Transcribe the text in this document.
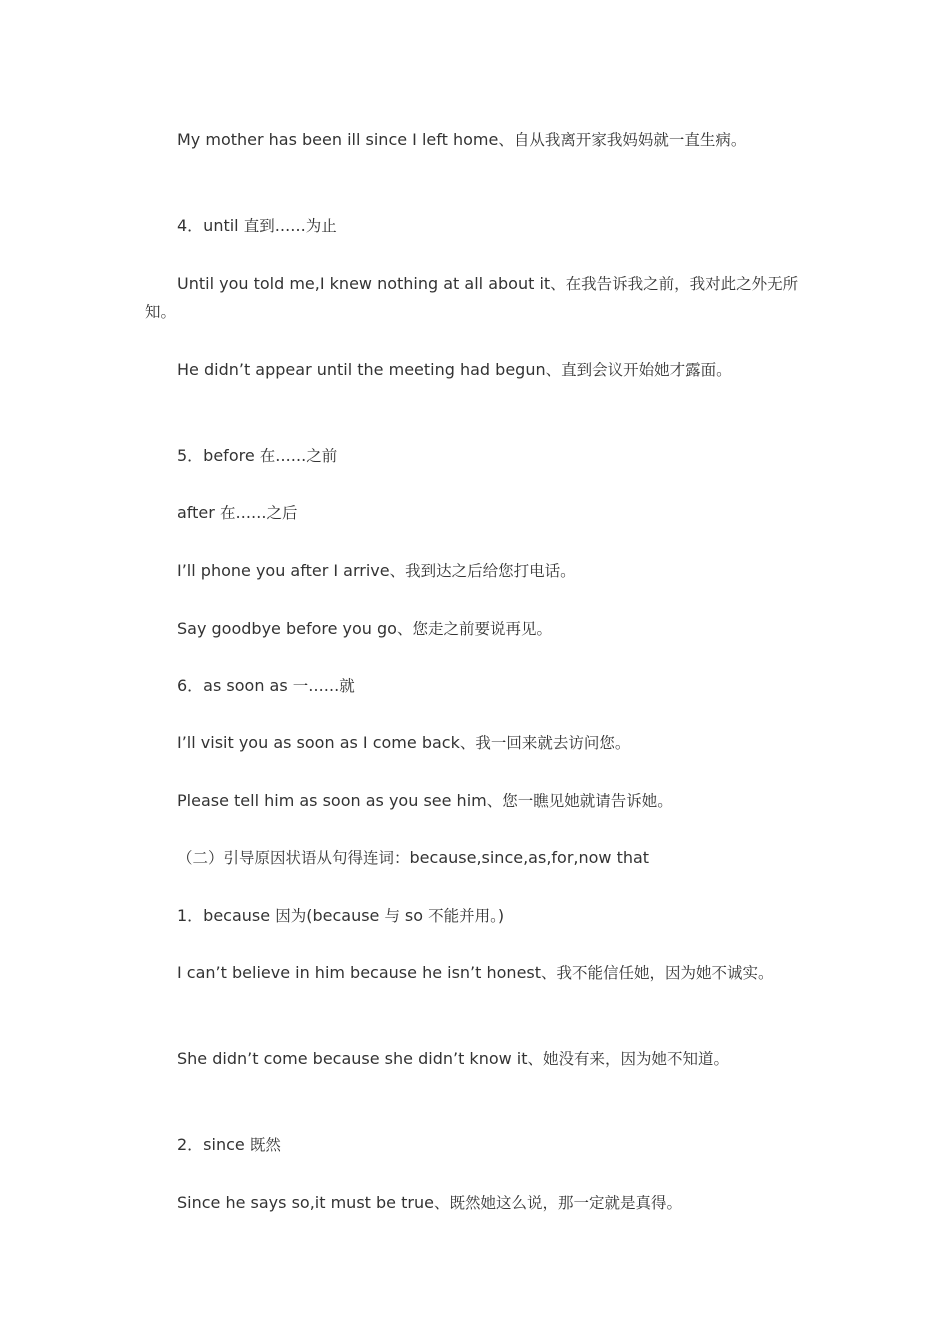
My mother has been ill since I left home、自从我离开家我妈妈就一直生病。
4．until 直到……为止
Until you told me,I knew nothing at all about it、在我告诉我之前，我对此之外无所知。
He didn’t appear until the meeting had begun、直到会议开始她才露面。
5．before 在……之前
after 在……之后
I’ll phone you after I arrive、我到达之后给您打电话。
Say goodbye before you go、您走之前要说再见。
6．as soon as 一……就
I’ll visit you as soon as I come back、我一回来就去访问您。
Please tell him as soon as you see him、您一瞧见她就请告诉她。
（二）引导原因状语从句得连词：because,since,as,for,now that
1．because 因为(because 与 so 不能并用。)
I can’t believe in him because he isn’t honest、我不能信任她，因为她不诚实。
She didn’t come because she didn’t know it、她没有来，因为她不知道。
2．since 既然
Since he says so,it must be true、既然她这么说，那一定就是真得。
